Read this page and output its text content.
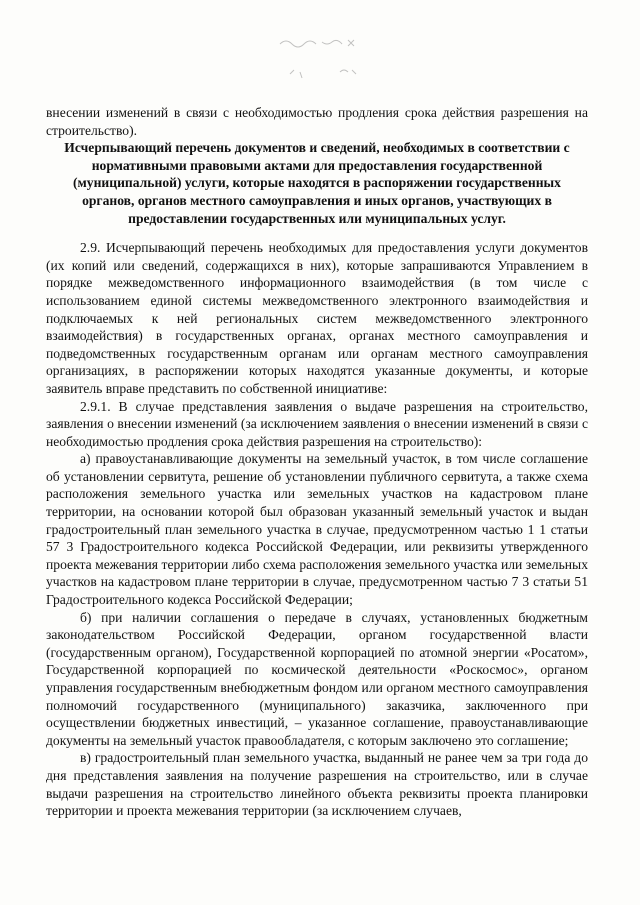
внесении изменений в связи с необходимостью продления срока действия разрешения на строительство).

Исчерпывающий перечень документов и сведений, необходимых в соответствии с нормативными правовыми актами для предоставления государственной (муниципальной) услуги, которые находятся в распоряжении государственных органов, органов местного самоуправления и иных органов, участвующих в предоставлении государственных или муниципальных услуг.

2.9. Исчерпывающий перечень необходимых для предоставления услуги документов (их копий или сведений, содержащихся в них), которые запрашиваются Управлением в порядке межведомственного информационного взаимодействия (в том числе с использованием единой системы межведомственного электронного взаимодействия и подключаемых к ней региональных систем межведомственного электронного взаимодействия) в государственных органах, органах местного самоуправления и подведомственных государственным органам или органам местного самоуправления организациях, в распоряжении которых находятся указанные документы, и которые заявитель вправе представить по собственной инициативе:

2.9.1. В случае представления заявления о выдаче разрешения на строительство, заявления о внесении изменений (за исключением заявления о внесении изменений в связи с необходимостью продления срока действия разрешения на строительство):

а) правоустанавливающие документы на земельный участок, в том числе соглашение об установлении сервитута, решение об установлении публичного сервитута, а также схема расположения земельного участка или земельных участков на кадастровом плане территории, на основании которой был образован указанный земельный участок и выдан градостроительный план земельного участка в случае, предусмотренном частью 1 1 статьи 57 3 Градостроительного кодекса Российской Федерации, или реквизиты утвержденного проекта межевания территории либо схема расположения земельного участка или земельных участков на кадастровом плане территории в случае, предусмотренном частью 7 3 статьи 51 Градостроительного кодекса Российской Федерации;

б) при наличии соглашения о передаче в случаях, установленных бюджетным законодательством Российской Федерации, органом государственной власти (государственным органом), Государственной корпорацией по атомной энергии «Росатом», Государственной корпорацией по космической деятельности «Роскосмос», органом управления государственным внебюджетным фондом или органом местного самоуправления полномочий государственного (муниципального) заказчика, заключенного при осуществлении бюджетных инвестиций, – указанное соглашение, правоустанавливающие документы на земельный участок правообладателя, с которым заключено это соглашение;

в) градостроительный план земельного участка, выданный не ранее чем за три года до дня представления заявления на получение разрешения на строительство, или в случае выдачи разрешения на строительство линейного объекта реквизиты проекта планировки территории и проекта межевания территории (за исключением случаев,
